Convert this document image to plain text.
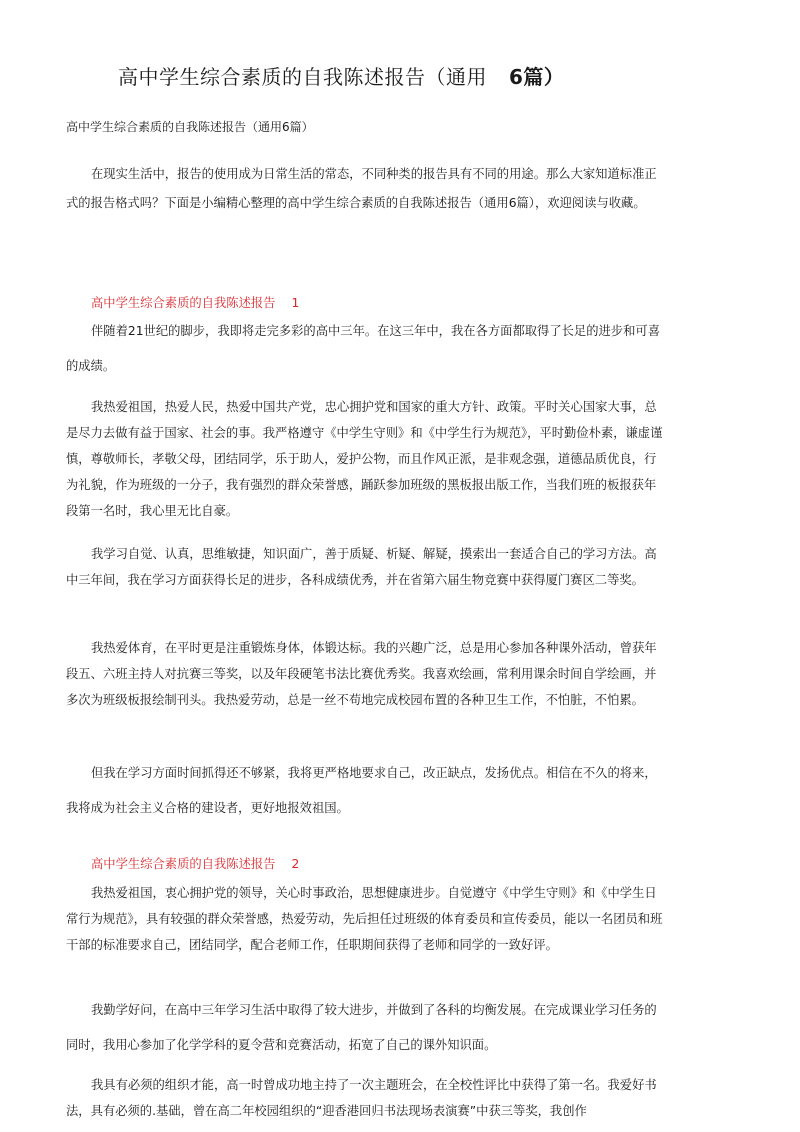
高中学生综合素质的自我陈述报告（通用 6篇）
高中学生综合素质的自我陈述报告（通用6篇）

在现实生活中，报告的使用成为日常生活的常态，不同种类的报告具有不同的用途。那么大家知道标准正式的报告格式吗？下面是小编精心整理的高中学生综合素质的自我陈述报告（通用6篇），欢迎阅读与收藏。

高中学生综合素质的自我陈述报告 1

伴随着21世纪的脚步，我即将走完多彩的高中三年。在这三年中，我在各方面都取得了长足的进步和可喜的成绩。

我热爱祖国，热爱人民，热爱中国共产党，忠心拥护党和国家的重大方针、政策。平时关心国家大事，总是尽力去做有益于国家、社会的事。我严格遵守《中学生守则》和《中学生行为规范》，平时勤俭朴素，谦虚谨慎，尊敬师长，孝敬父母，团结同学，乐于助人，爱护公物，而且作风正派，是非观念强，道德品质优良，行为礼貌，作为班级的一分子，我有强烈的群众荣誉感，踊跃参加班级的黑板报出版工作，当我们班的板报获年段第一名时，我心里无比自豪。

我学习自觉、认真，思维敏捷，知识面广，善于质疑、析疑、解疑，摸索出一套适合自己的学习方法。高中三年间，我在学习方面获得长足的进步，各科成绩优秀，并在省第六届生物竞赛中获得厦门赛区二等奖。

我热爱体育，在平时更是注重锻炼身体，体锻达标。我的兴趣广泛，总是用心参加各种课外活动，曾获年段五、六班主持人对抗赛三等奖，以及年段硬笔书法比赛优秀奖。我喜欢绘画，常利用课余时间自学绘画，并多次为班级板报绘制刊头。我热爱劳动，总是一丝不苟地完成校园布置的各种卫生工作，不怕脏，不怕累。

但我在学习方面时间抓得还不够紧，我将更严格地要求自己，改正缺点，发扬优点。相信在不久的将来，我将成为社会主义合格的建设者，更好地报效祖国。

高中学生综合素质的自我陈述报告 2

我热爱祖国，衷心拥护党的领导，关心时事政治，思想健康进步。自觉遵守《中学生守则》和《中学生日常行为规范》，具有较强的群众荣誉感，热爱劳动，先后担任过班级的体育委员和宣传委员，能以一名团员和班干部的标准要求自己，团结同学，配合老师工作，任职期间获得了老师和同学的一致好评。

我勤学好问，在高中三年学习生活中取得了较大进步，并做到了各科的均衡发展。在完成课业学习任务的同时，我用心参加了化学学科的夏令营和竞赛活动，拓宽了自己的课外知识面。

我具有必须的组织才能，高一时曾成功地主持了一次主题班会，在全校性评比中获得了第一名。我爱好书法，具有必须的.基础，曾在高二年校园组织的“迎香港回归书法现场表演赛”中获三等奖，我创作
